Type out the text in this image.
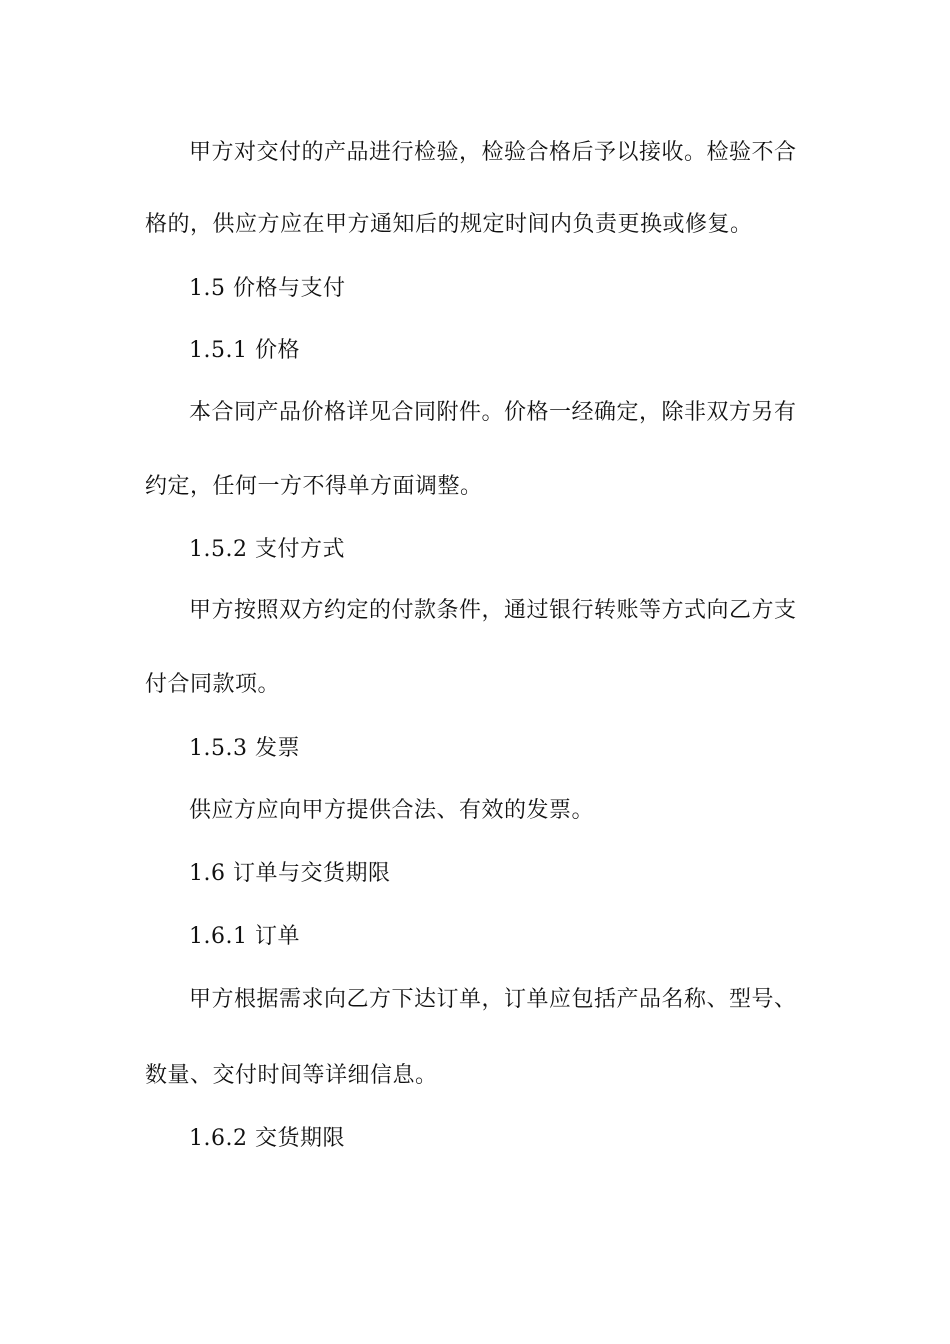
甲方对交付的产品进行检验，检验合格后予以接收。检验不合
格的，供应方应在甲方通知后的规定时间内负责更换或修复。
1.5 价格与支付
1.5.1 价格
本合同产品价格详见合同附件。价格一经确定，除非双方另有
约定，任何一方不得单方面调整。
1.5.2 支付方式
甲方按照双方约定的付款条件，通过银行转账等方式向乙方支
付合同款项。
1.5.3 发票
供应方应向甲方提供合法、有效的发票。
1.6 订单与交货期限
1.6.1 订单
甲方根据需求向乙方下达订单，订单应包括产品名称、型号、
数量、交付时间等详细信息。
1.6.2 交货期限
